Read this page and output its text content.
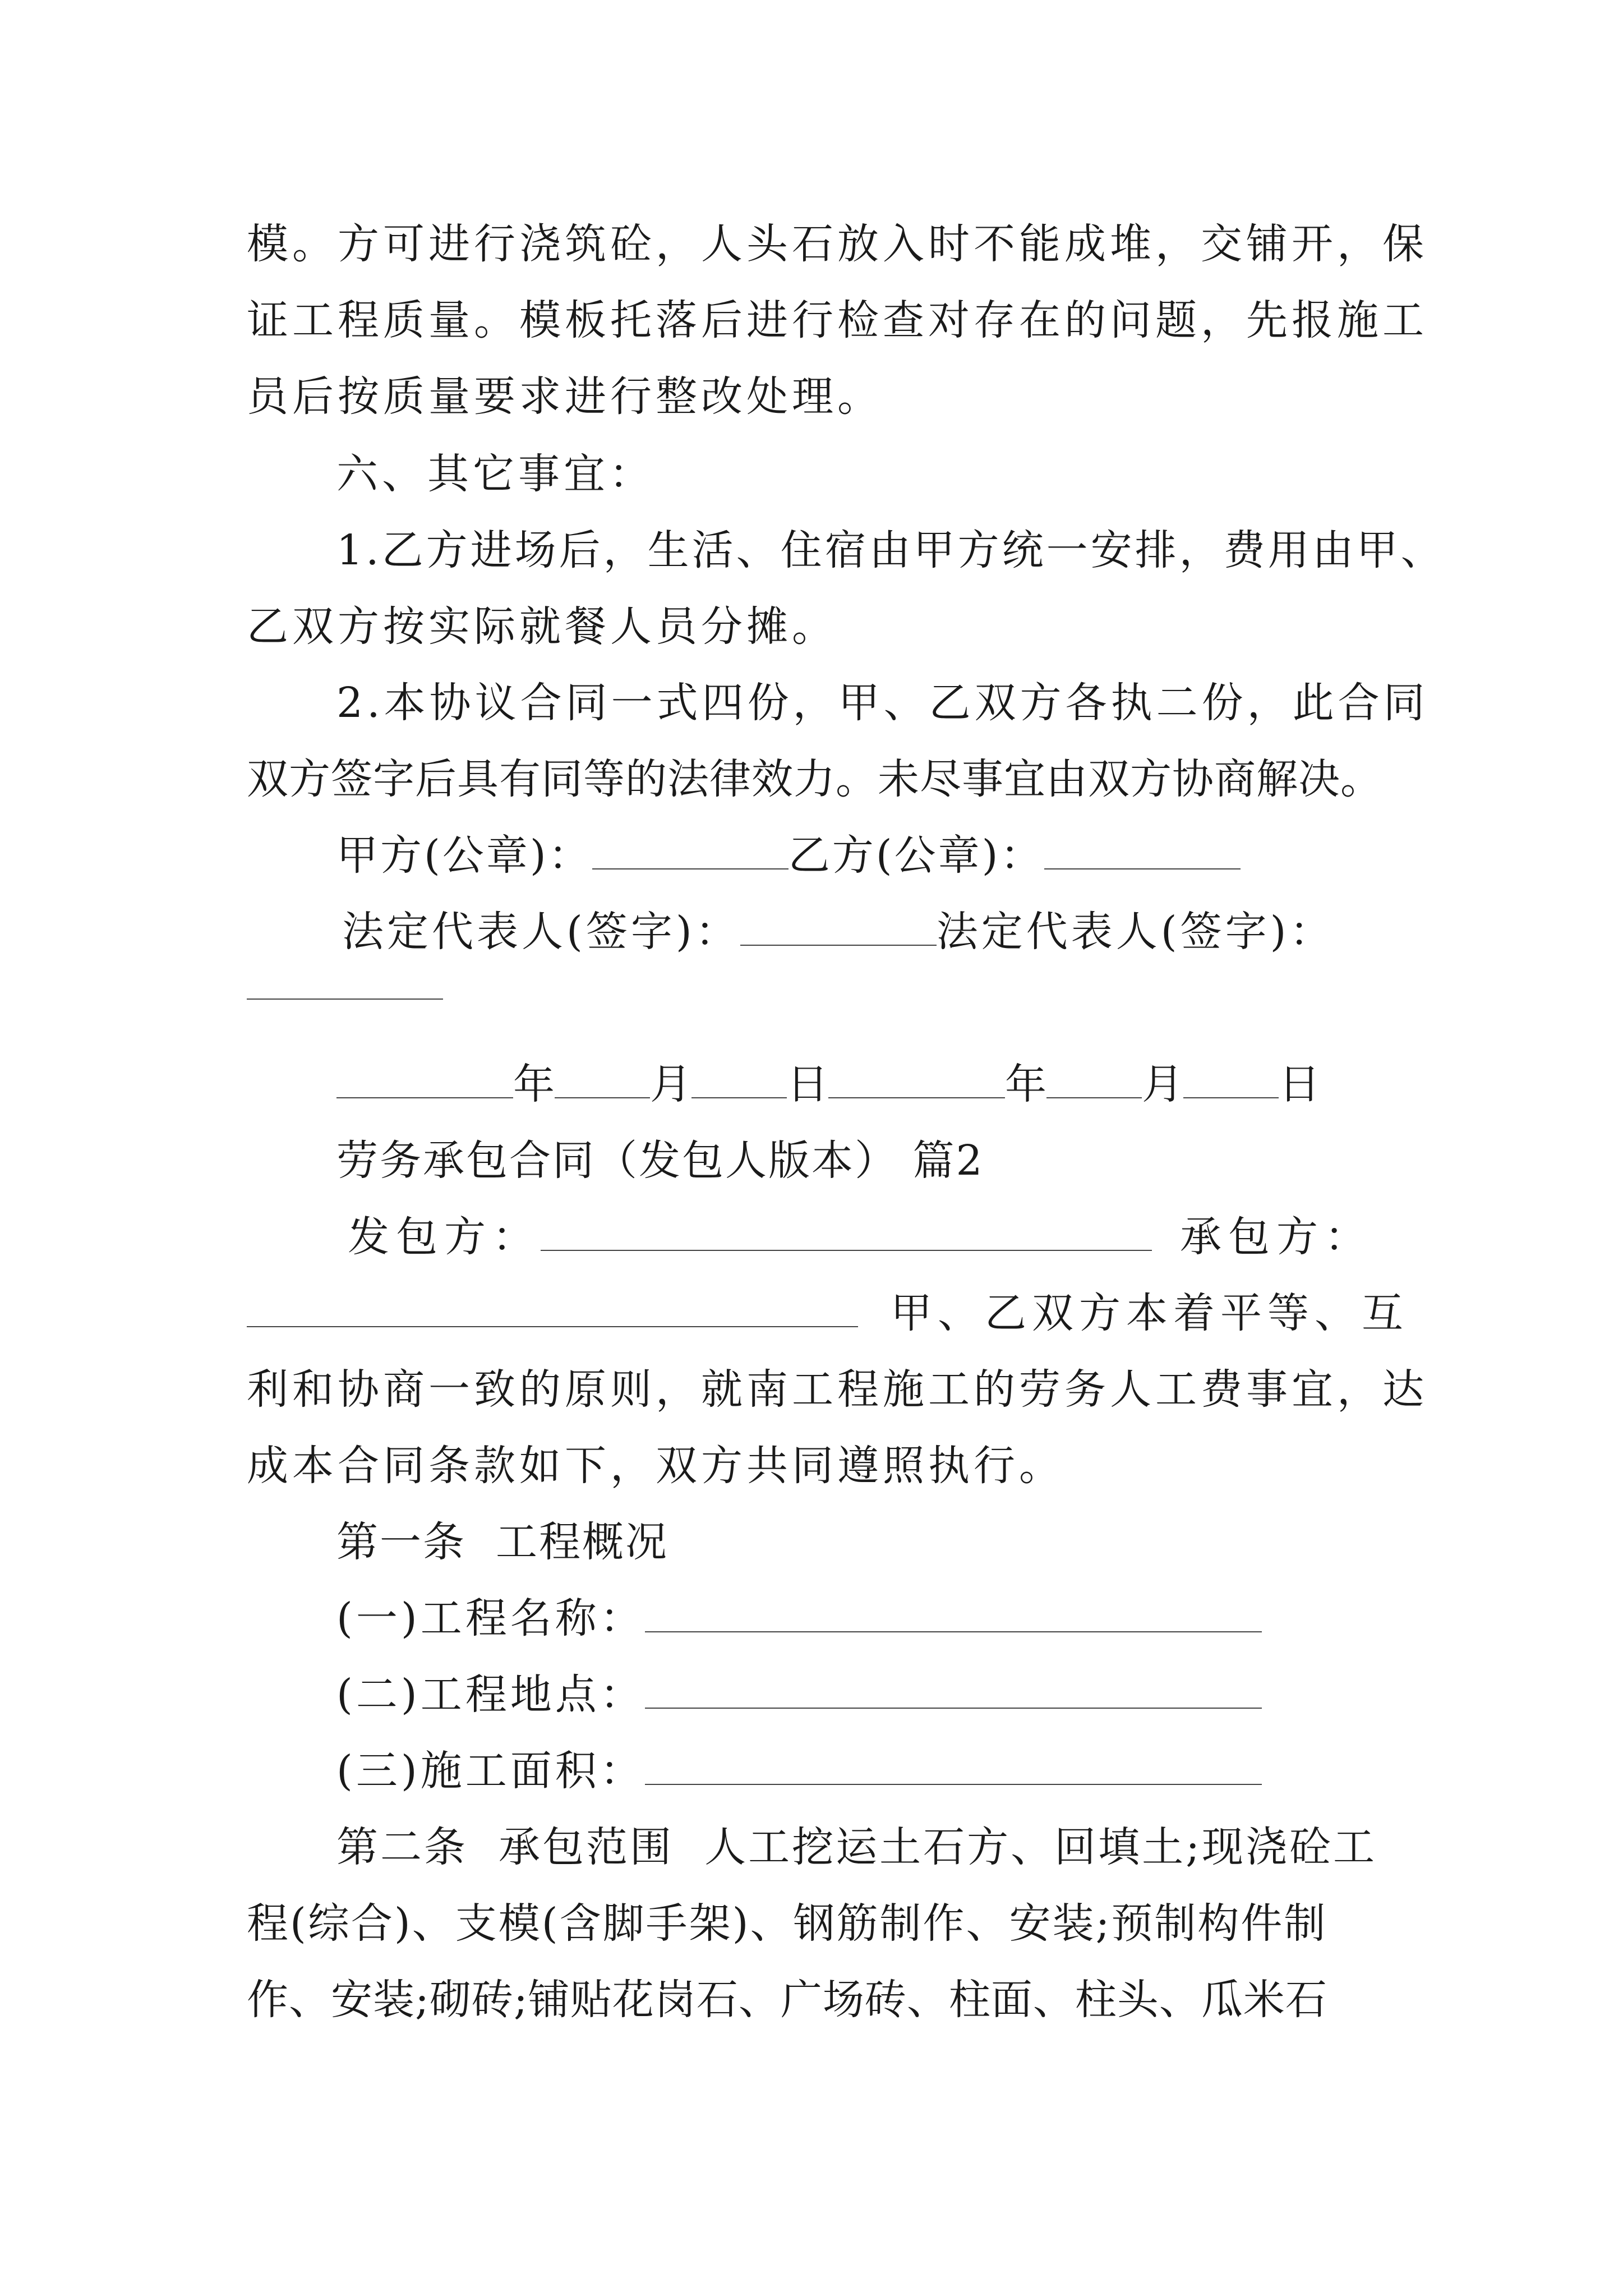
模。方可进行浇筑砼，人头石放入时不能成堆，交铺开，保
证工程质量。模板托落后进行检查对存在的问题，先报施工
员后按质量要求进行整改处理。
六、其它事宜：
1.乙方进场后，生活、住宿由甲方统一安排，费用由甲、
乙双方按实际就餐人员分摊。
2.本协议合同一式四份，甲、乙双方各执二份，此合同
双方签字后具有同等的法律效力。未尽事宜由双方协商解决。
甲方(公章)：	乙方(公章)：
法定代表人(签字)：	法定代表人(签字)：
年 月 日	年 月 日
劳务承包合同（发包人版本） 篇2
发包方：	承包方：
甲、乙双方本着平等、互
利和协商一致的原则，就南工程施工的劳务人工费事宜，达
成本合同条款如下，双方共同遵照执行。
第一条  工程概况
(一)工程名称：
(二)工程地点：
(三)施工面积：
第二条  承包范围  人工挖运土石方、回填土;现浇砼工
程(综合)、支模(含脚手架)、钢筋制作、安装;预制构件制
作、安装;砌砖;铺贴花岗石、广场砖、柱面、柱头、瓜米石
